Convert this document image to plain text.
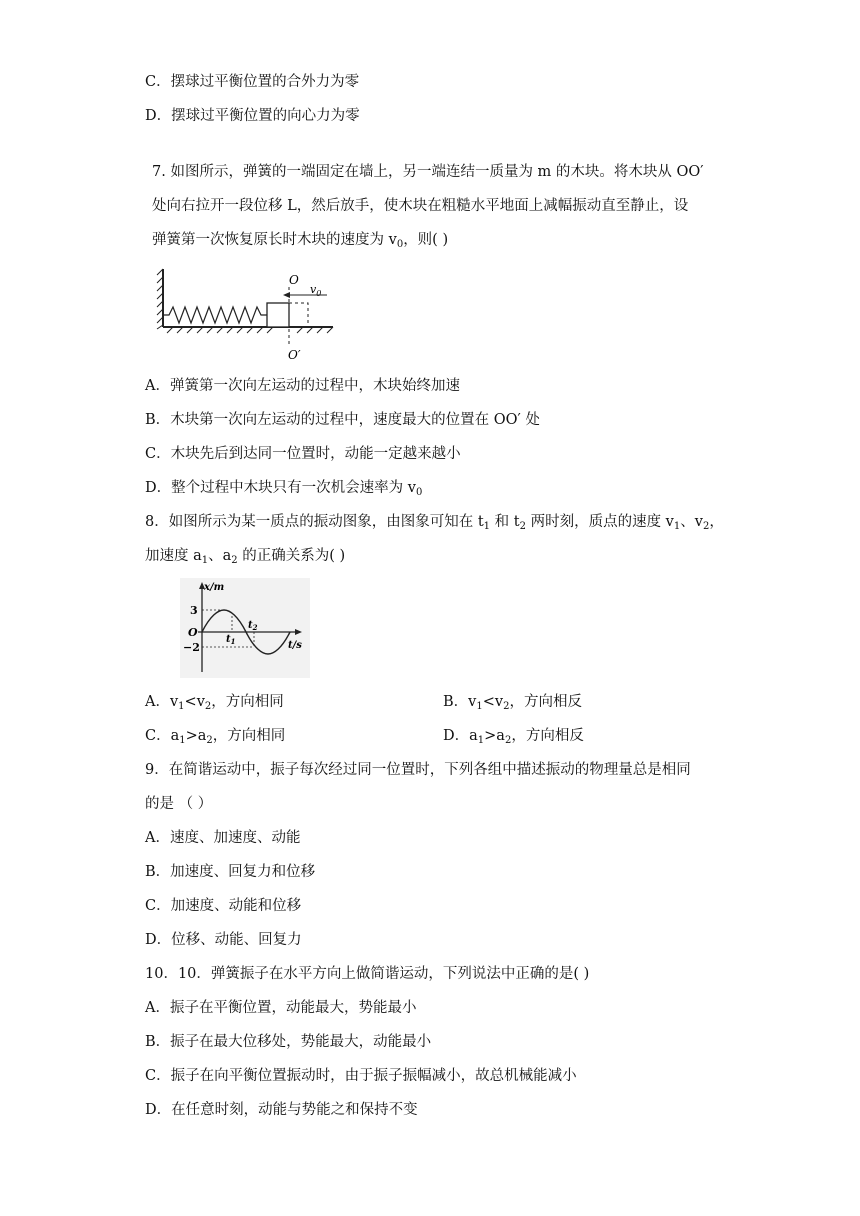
C．摆球过平衡位置的合外力为零
D．摆球过平衡位置的向心力为零
7. 如图所示，弹簧的一端固定在墙上，另一端连结一质量为 m 的木块。将木块从 OO′
处向右拉开一段位移 L，然后放手，使木块在粗糙水平地面上减幅振动直至静止，设
弹簧第一次恢复原长时木块的速度为 $v_0$，则( )
O
O′
$v_0$
A．弹簧第一次向左运动的过程中，木块始终加速
B．木块第一次向左运动的过程中，速度最大的位置在 OO′ 处
C．木块先后到达同一位置时，动能一定越来越小
D．整个过程中木块只有一次机会速率为 $v_0$
8．如图所示为某一质点的振动图象，由图象可知在 $t_1$ 和 $t_2$ 两时刻，质点的速度 $v_1$、$v_2$，
加速度 $a_1$、$a_2$ 的正确关系为( )
x/m
t/s
3
O
−2
$t_1$
$t_2$
A．$v_1<v_2$，方向相同	B．$v_1<v_2$，方向相反
C．$a_1>a_2$，方向相同	D．$a_1>a_2$，方向相反
9．在简谐运动中，振子每次经过同一位置时，下列各组中描述振动的物理量总是相同
的是 （ ）
A．速度、加速度、动能
B．加速度、回复力和位移
C．加速度、动能和位移
D．位移、动能、回复力
10．10．弹簧振子在水平方向上做简谐运动，下列说法中正确的是( )
A．振子在平衡位置，动能最大，势能最小
B．振子在最大位移处，势能最大，动能最小
C．振子在向平衡位置振动时，由于振子振幅减小，故总机械能减小
D．在任意时刻，动能与势能之和保持不变
